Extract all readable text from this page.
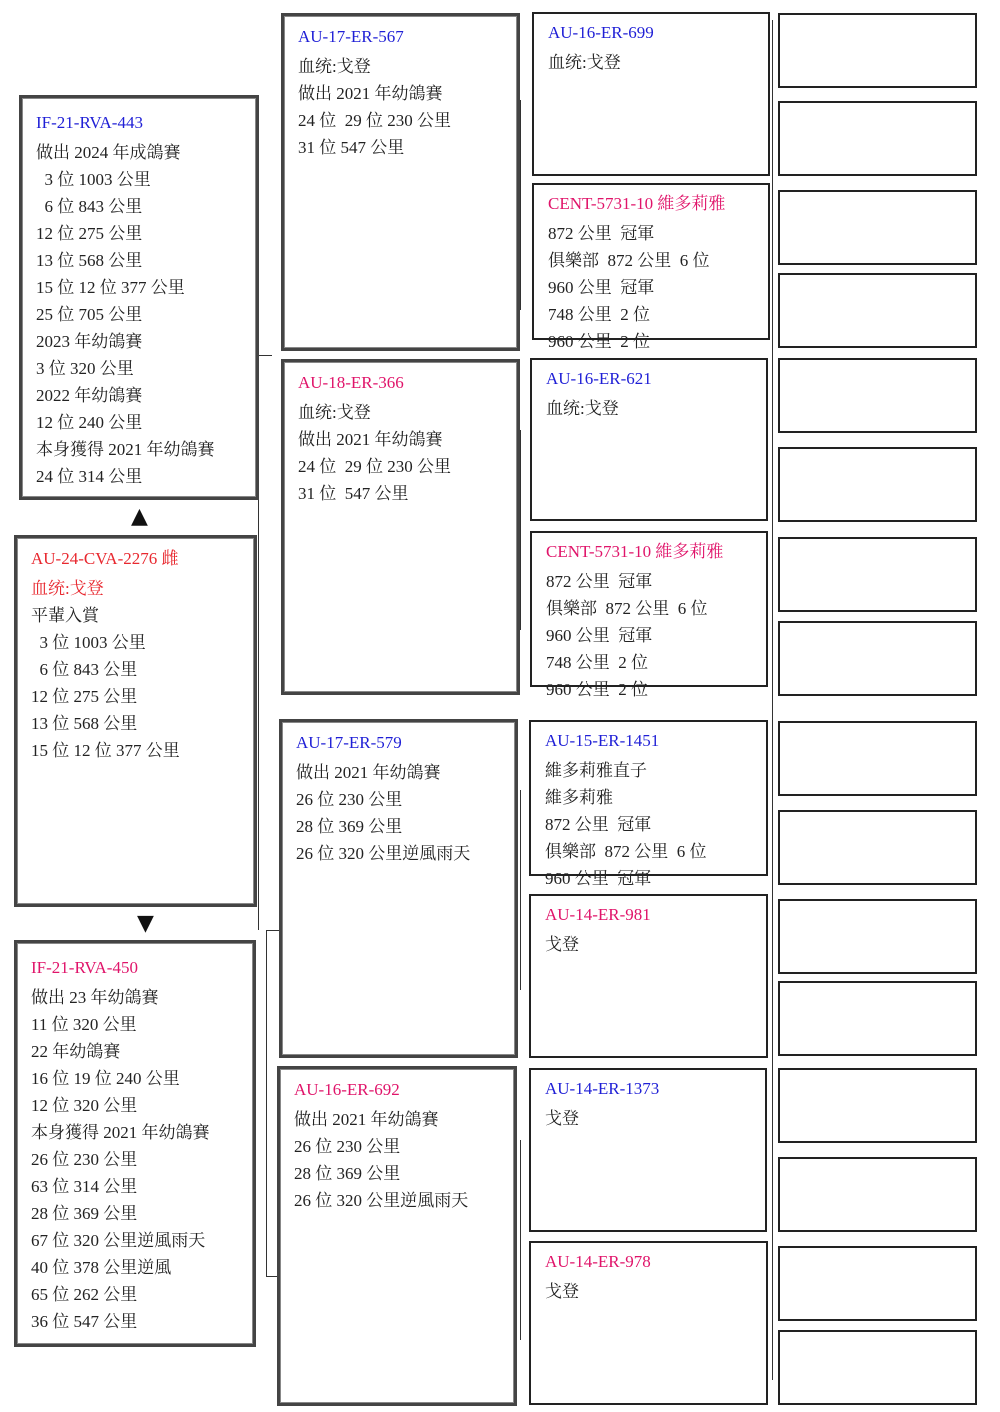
AU-24-CVA-2276 雌
血统:戈登
平輩入賞
3 位 1003 公里
6 位 843 公里
12 位 275 公里
13 位 568 公里
15 位 12 位 377 公里
▲
▼
IF-21-RVA-443
做出 2024 年成鴿賽
3 位 1003 公里
6 位 843 公里
12 位 275 公里
13 位 568 公里
15 位 12 位 377 公里
25 位 705 公里
2023 年幼鴿賽
3 位 320 公里
2022 年幼鴿賽
12 位 240 公里
本身獲得 2021 年幼鴿賽
24 位 314 公里
IF-21-RVA-450
做出 23 年幼鴿賽
11 位 320 公里
22 年幼鴿賽
16 位 19 位 240 公里
12 位 320 公里
本身獲得 2021 年幼鴿賽
26 位 230 公里
63 位 314 公里
28 位 369 公里
67 位 320 公里逆風雨天
40 位 378 公里逆風
65 位 262 公里
36 位 547 公里
AU-17-ER-567
血统:戈登
做出 2021 年幼鴿賽
24 位  29 位 230 公里
31 位 547 公里
AU-18-ER-366
血统:戈登
做出 2021 年幼鴿賽
24 位  29 位 230 公里
31 位  547 公里
AU-17-ER-579
做出 2021 年幼鴿賽
26 位 230 公里
28 位 369 公里
26 位 320 公里逆風雨天
AU-16-ER-692
做出 2021 年幼鴿賽
26 位 230 公里
28 位 369 公里
26 位 320 公里逆風雨天
AU-16-ER-699
血统:戈登
CENT-5731-10 維多莉雅
872 公里  冠軍
俱樂部  872 公里  6 位
960 公里  冠軍
748 公里  2 位
960 公里  2 位
AU-16-ER-621
血统:戈登
CENT-5731-10 維多莉雅
872 公里  冠軍
俱樂部  872 公里  6 位
960 公里  冠軍
748 公里  2 位
960 公里  2 位
AU-15-ER-1451
維多莉雅直子
維多莉雅
872 公里  冠軍
俱樂部  872 公里  6 位
960 公里  冠軍
AU-14-ER-981
戈登
AU-14-ER-1373
戈登
AU-14-ER-978
戈登
